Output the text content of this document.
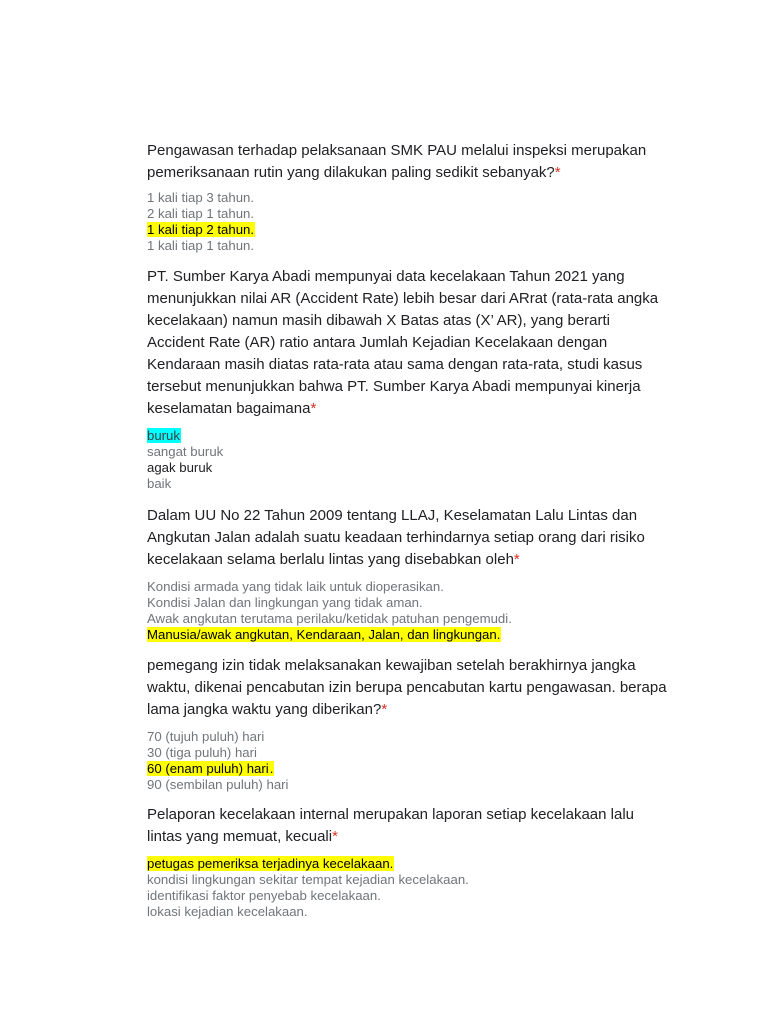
Pengawasan terhadap pelaksanaan SMK PAU melalui inspeksi merupakan pemeriksanaan rutin yang dilakukan paling sedikit sebanyak?*

1 kali tiap 3 tahun.
2 kali tiap 1 tahun.
1 kali tiap 2 tahun.
1 kali tiap 1 tahun.

PT. Sumber Karya Abadi mempunyai data kecelakaan Tahun 2021 yang menunjukkan nilai AR (Accident Rate) lebih besar dari ARrat (rata-rata angka kecelakaan) namun masih dibawah X Batas atas (X’ AR), yang berarti Accident Rate (AR) ratio antara Jumlah Kejadian Kecelakaan dengan Kendaraan masih diatas rata-rata atau sama dengan rata-rata, studi kasus tersebut menunjukkan bahwa PT. Sumber Karya Abadi mempunyai kinerja keselamatan bagaimana*

buruk
sangat buruk
agak buruk
baik

Dalam UU No 22 Tahun 2009 tentang LLAJ, Keselamatan Lalu Lintas dan Angkutan Jalan adalah suatu keadaan terhindarnya setiap orang dari risiko kecelakaan selama berlalu lintas yang disebabkan oleh*

Kondisi armada yang tidak laik untuk dioperasikan.
Kondisi Jalan dan lingkungan yang tidak aman.
Awak angkutan terutama perilaku/ketidak patuhan pengemudi.
Manusia/awak angkutan, Kendaraan, Jalan, dan lingkungan.

pemegang izin tidak melaksanakan kewajiban setelah berakhirnya jangka waktu, dikenai pencabutan izin berupa pencabutan kartu pengawasan. berapa lama jangka waktu yang diberikan?*

70 (tujuh puluh) hari
30 (tiga puluh) hari
60 (enam puluh) hari.
90 (sembilan puluh) hari

Pelaporan kecelakaan internal merupakan laporan setiap kecelakaan lalu lintas yang memuat, kecuali*

petugas pemeriksa terjadinya kecelakaan.
kondisi lingkungan sekitar tempat kejadian kecelakaan.
identifikasi faktor penyebab kecelakaan.
lokasi kejadian kecelakaan.
